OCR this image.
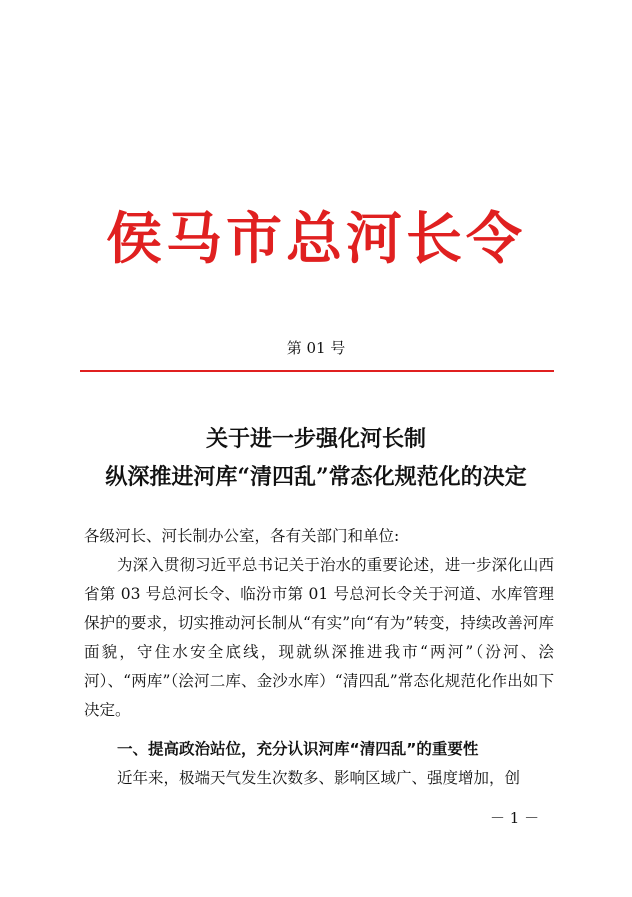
侯马市总河长令
第 01 号
关于进一步强化河长制
纵深推进河库“清四乱”常态化规范化的决定
各级河长、河长制办公室，各有关部门和单位:
为深入贯彻习近平总书记关于治水的重要论述，进一步深化山西省第 03 号总河长令、临汾市第 01 号总河长令关于河道、水库管理保护的要求，切实推动河长制从“有实”向“有为”转变，持续改善河库面貌，守住水安全底线，现就纵深推进我市“两河”（汾河、浍河）、“两库”（浍河二库、金沙水库）“清四乱”常态化规范化作出如下决定。
一、提高政治站位，充分认识河库“清四乱”的重要性
近年来，极端天气发生次数多、影响区域广、强度增加，创
－ 1 －
